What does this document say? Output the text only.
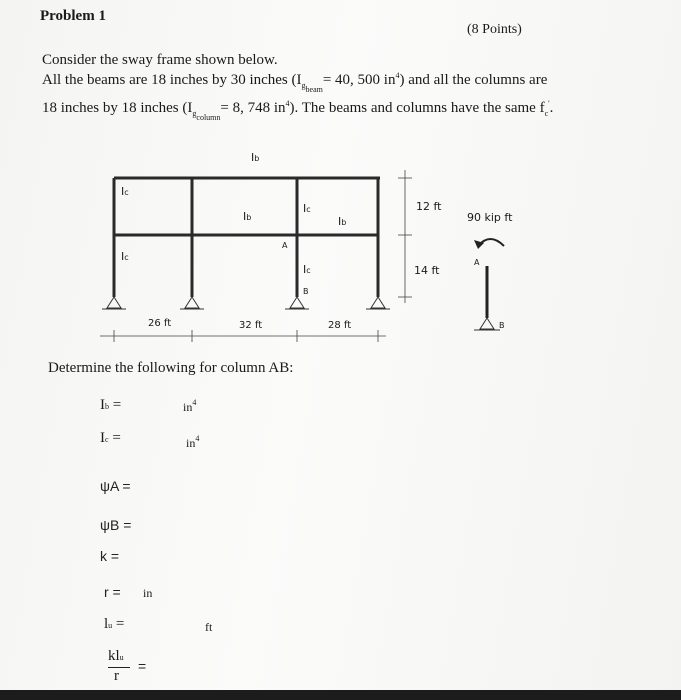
Problem 1
(8 Points)
Consider the sway frame shown below.
All the beams are 18 inches by 30 inches ($I_{gbeam}= 40$, 500 $in^4$) and all the columns are
18 inches by 18 inches ($I_{gcolumn}= 8$, 748 $in^4$). The beams and columns have the same $f_c'$.
Ib
Ic
Ib
Ic
Ib
Ic
Ic
A
B
26 ft	32 ft	28 ft
12 ft
14 ft
90 kip ft
A
B
Determine the following for column AB:
Ib =	$in^4$
Ic =	$in^4$
ψA =
ψB =
k =
r = in
lu =	ft
klu
r
=
